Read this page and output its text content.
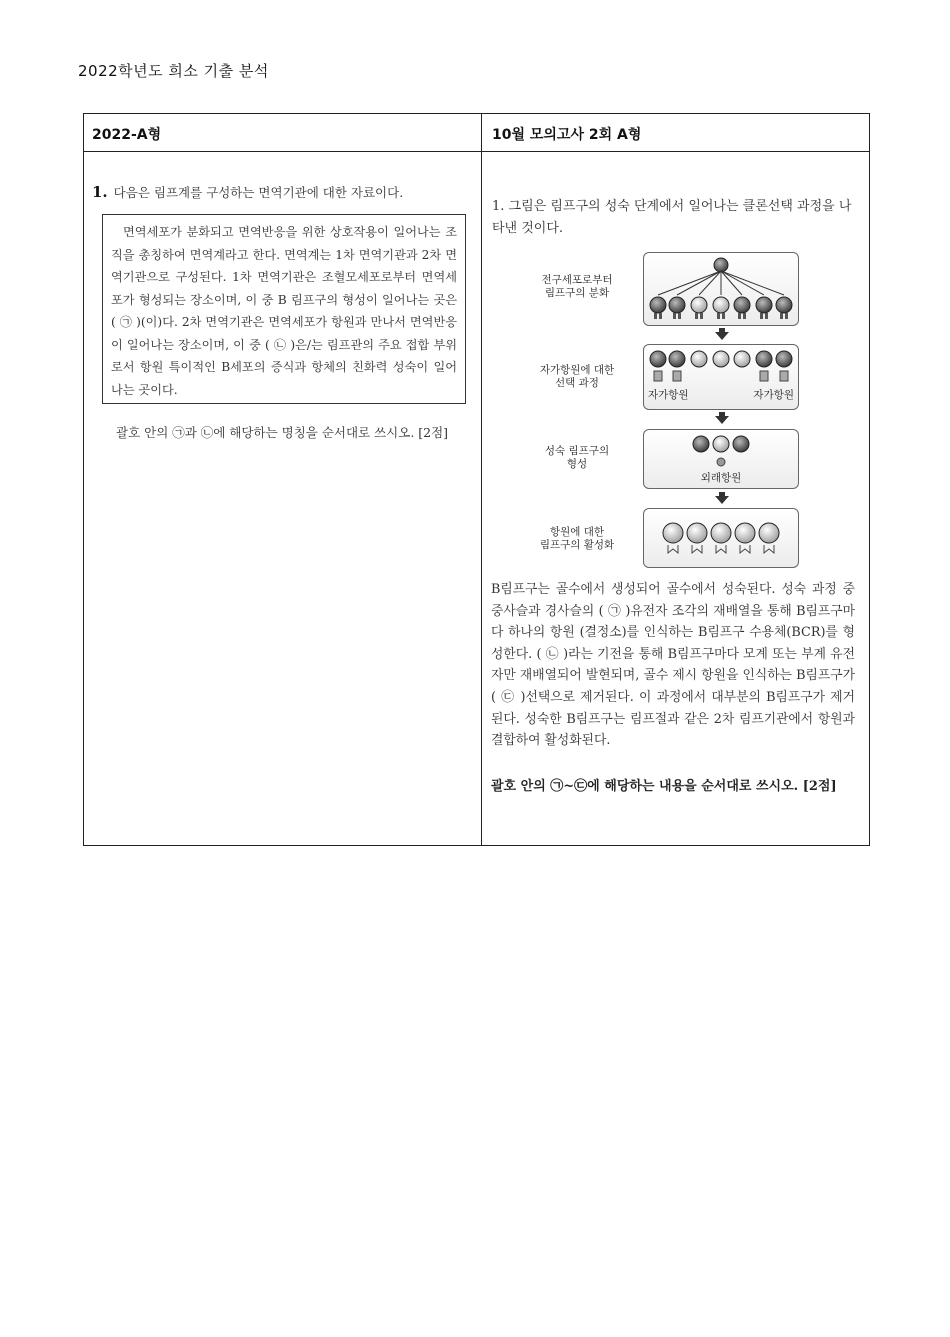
2022학년도 희소 기출 분석
2022-A형	10월 모의고사 2회 A형
1. 다음은 림프계를 구성하는 면역기관에 대한 자료이다.
면역세포가 분화되고 면역반응을 위한 상호작용이 일어나는 조직을 총칭하여 면역계라고 한다. 면역계는 1차 면역기관과 2차 면역기관으로 구성된다. 1차 면역기관은 조혈모세포로부터 면역세포가 형성되는 장소이며, 이 중 B 림프구의 형성이 일어나는 곳은 ( ㉠ )(이)다. 2차 면역기관은 면역세포가 항원과 만나서 면역반응이 일어나는 장소이며, 이 중 ( ㉡ )은/는 림프관의 주요 접합 부위로서 항원 특이적인 B세포의 증식과 항체의 친화력 성숙이 일어나는 곳이다.
괄호 안의 ㉠과 ㉡에 해당하는 명칭을 순서대로 쓰시오. [2점]
1. 그림은 림프구의 성숙 단계에서 일어나는 클론선택 과정을 나타낸 것이다.
전구세포로부터
림프구의 분화
자가항원에 대한
선택 과정
성숙 림프구의
형성
항원에 대한
림프구의 활성화
자가항원	자가항원
외래항원
B림프구는 골수에서 생성되어 골수에서 성숙된다. 성숙 과정 중 중사슬과 경사슬의 ( ㉠ )유전자 조각의 재배열을 통해 B림프구마다 하나의 항원 (결정소)를 인식하는 B림프구 수용체(BCR)를 형성한다. ( ㉡ )라는 기전을 통해 B림프구마다 모계 또는 부계 유전자만 재배열되어 발현되며, 골수 제시 항원을 인식하는 B림프구가 ( ㉢ )선택으로 제거된다. 이 과정에서 대부분의 B림프구가 제거된다. 성숙한 B림프구는 림프절과 같은 2차 림프기관에서 항원과 결합하여 활성화된다.
괄호 안의 ㉠~㉢에 해당하는 내용을 순서대로 쓰시오. [2점]
